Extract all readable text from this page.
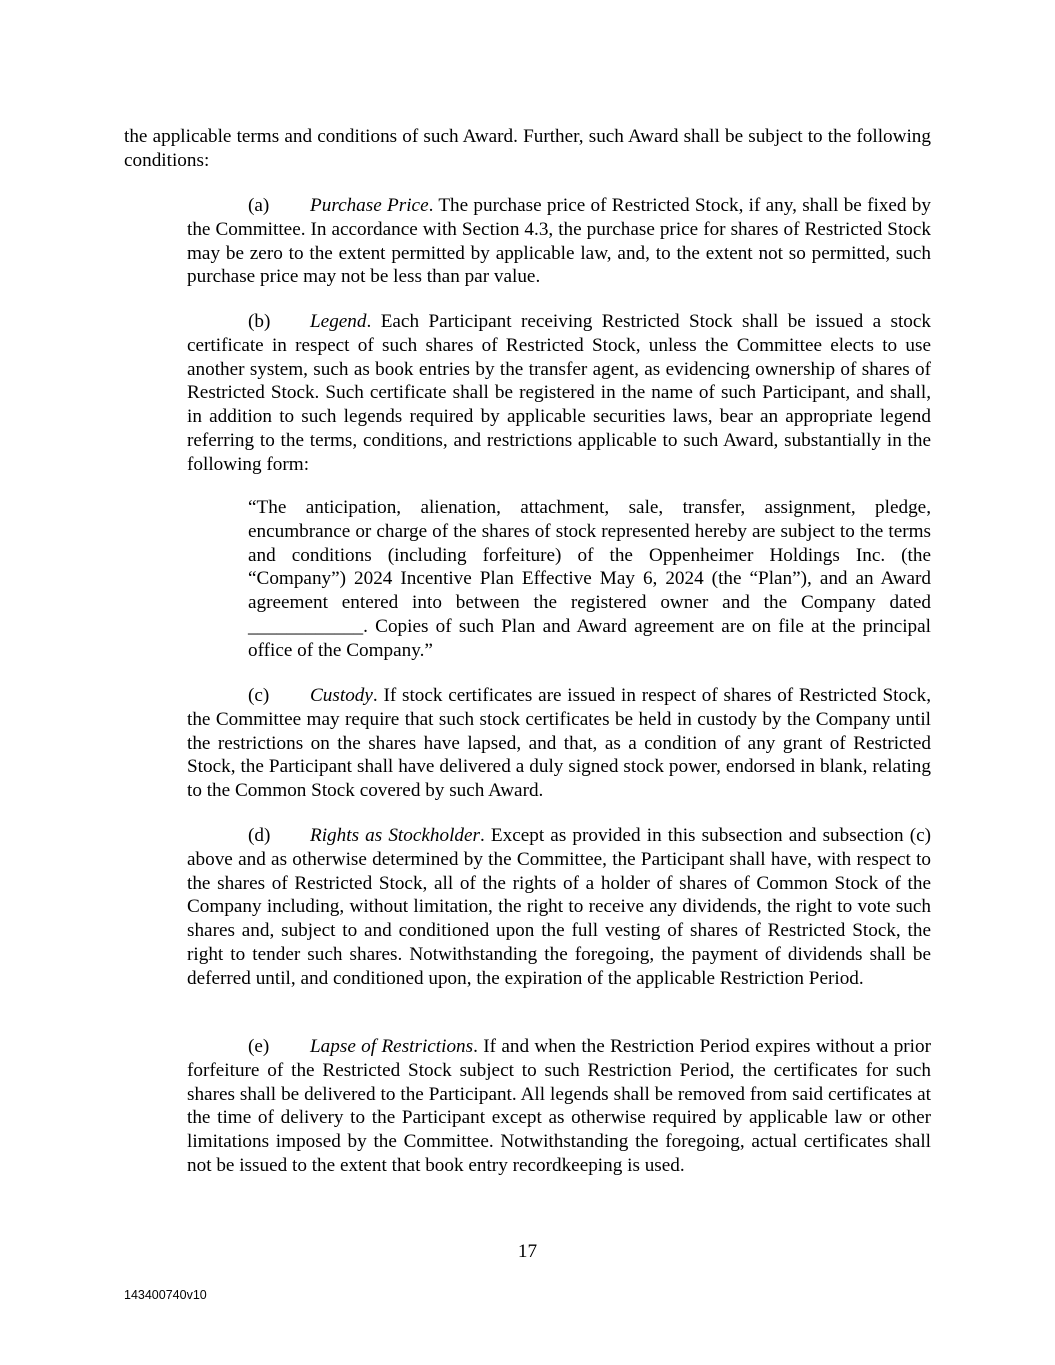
the applicable terms and conditions of such Award. Further, such Award shall be subject to the following conditions:

(a) Purchase Price. The purchase price of Restricted Stock, if any, shall be fixed by the Committee. In accordance with Section 4.3, the purchase price for shares of Restricted Stock may be zero to the extent permitted by applicable law, and, to the extent not so permitted, such purchase price may not be less than par value.

(b) Legend. Each Participant receiving Restricted Stock shall be issued a stock certificate in respect of such shares of Restricted Stock, unless the Committee elects to use another system, such as book entries by the transfer agent, as evidencing ownership of shares of Restricted Stock. Such certificate shall be registered in the name of such Participant, and shall, in addition to such legends required by applicable securities laws, bear an appropriate legend referring to the terms, conditions, and restrictions applicable to such Award, substantially in the following form:

“The anticipation, alienation, attachment, sale, transfer, assignment, pledge, encumbrance or charge of the shares of stock represented hereby are subject to the terms and conditions (including forfeiture) of the Oppenheimer Holdings Inc. (the “Company”) 2024 Incentive Plan Effective May 6, 2024 (the “Plan”), and an Award agreement entered into between the registered owner and the Company dated ____________. Copies of such Plan and Award agreement are on file at the principal office of the Company.”

(c) Custody. If stock certificates are issued in respect of shares of Restricted Stock, the Committee may require that such stock certificates be held in custody by the Company until the restrictions on the shares have lapsed, and that, as a condition of any grant of Restricted Stock, the Participant shall have delivered a duly signed stock power, endorsed in blank, relating to the Common Stock covered by such Award.

(d) Rights as Stockholder. Except as provided in this subsection and subsection (c) above and as otherwise determined by the Committee, the Participant shall have, with respect to the shares of Restricted Stock, all of the rights of a holder of shares of Common Stock of the Company including, without limitation, the right to receive any dividends, the right to vote such shares and, subject to and conditioned upon the full vesting of shares of Restricted Stock, the right to tender such shares. Notwithstanding the foregoing, the payment of dividends shall be deferred until, and conditioned upon, the expiration of the applicable Restriction Period.

(e) Lapse of Restrictions. If and when the Restriction Period expires without a prior forfeiture of the Restricted Stock subject to such Restriction Period, the certificates for such shares shall be delivered to the Participant. All legends shall be removed from said certificates at the time of delivery to the Participant except as otherwise required by applicable law or other limitations imposed by the Committee. Notwithstanding the foregoing, actual certificates shall not be issued to the extent that book entry recordkeeping is used.

17
143400740v10
